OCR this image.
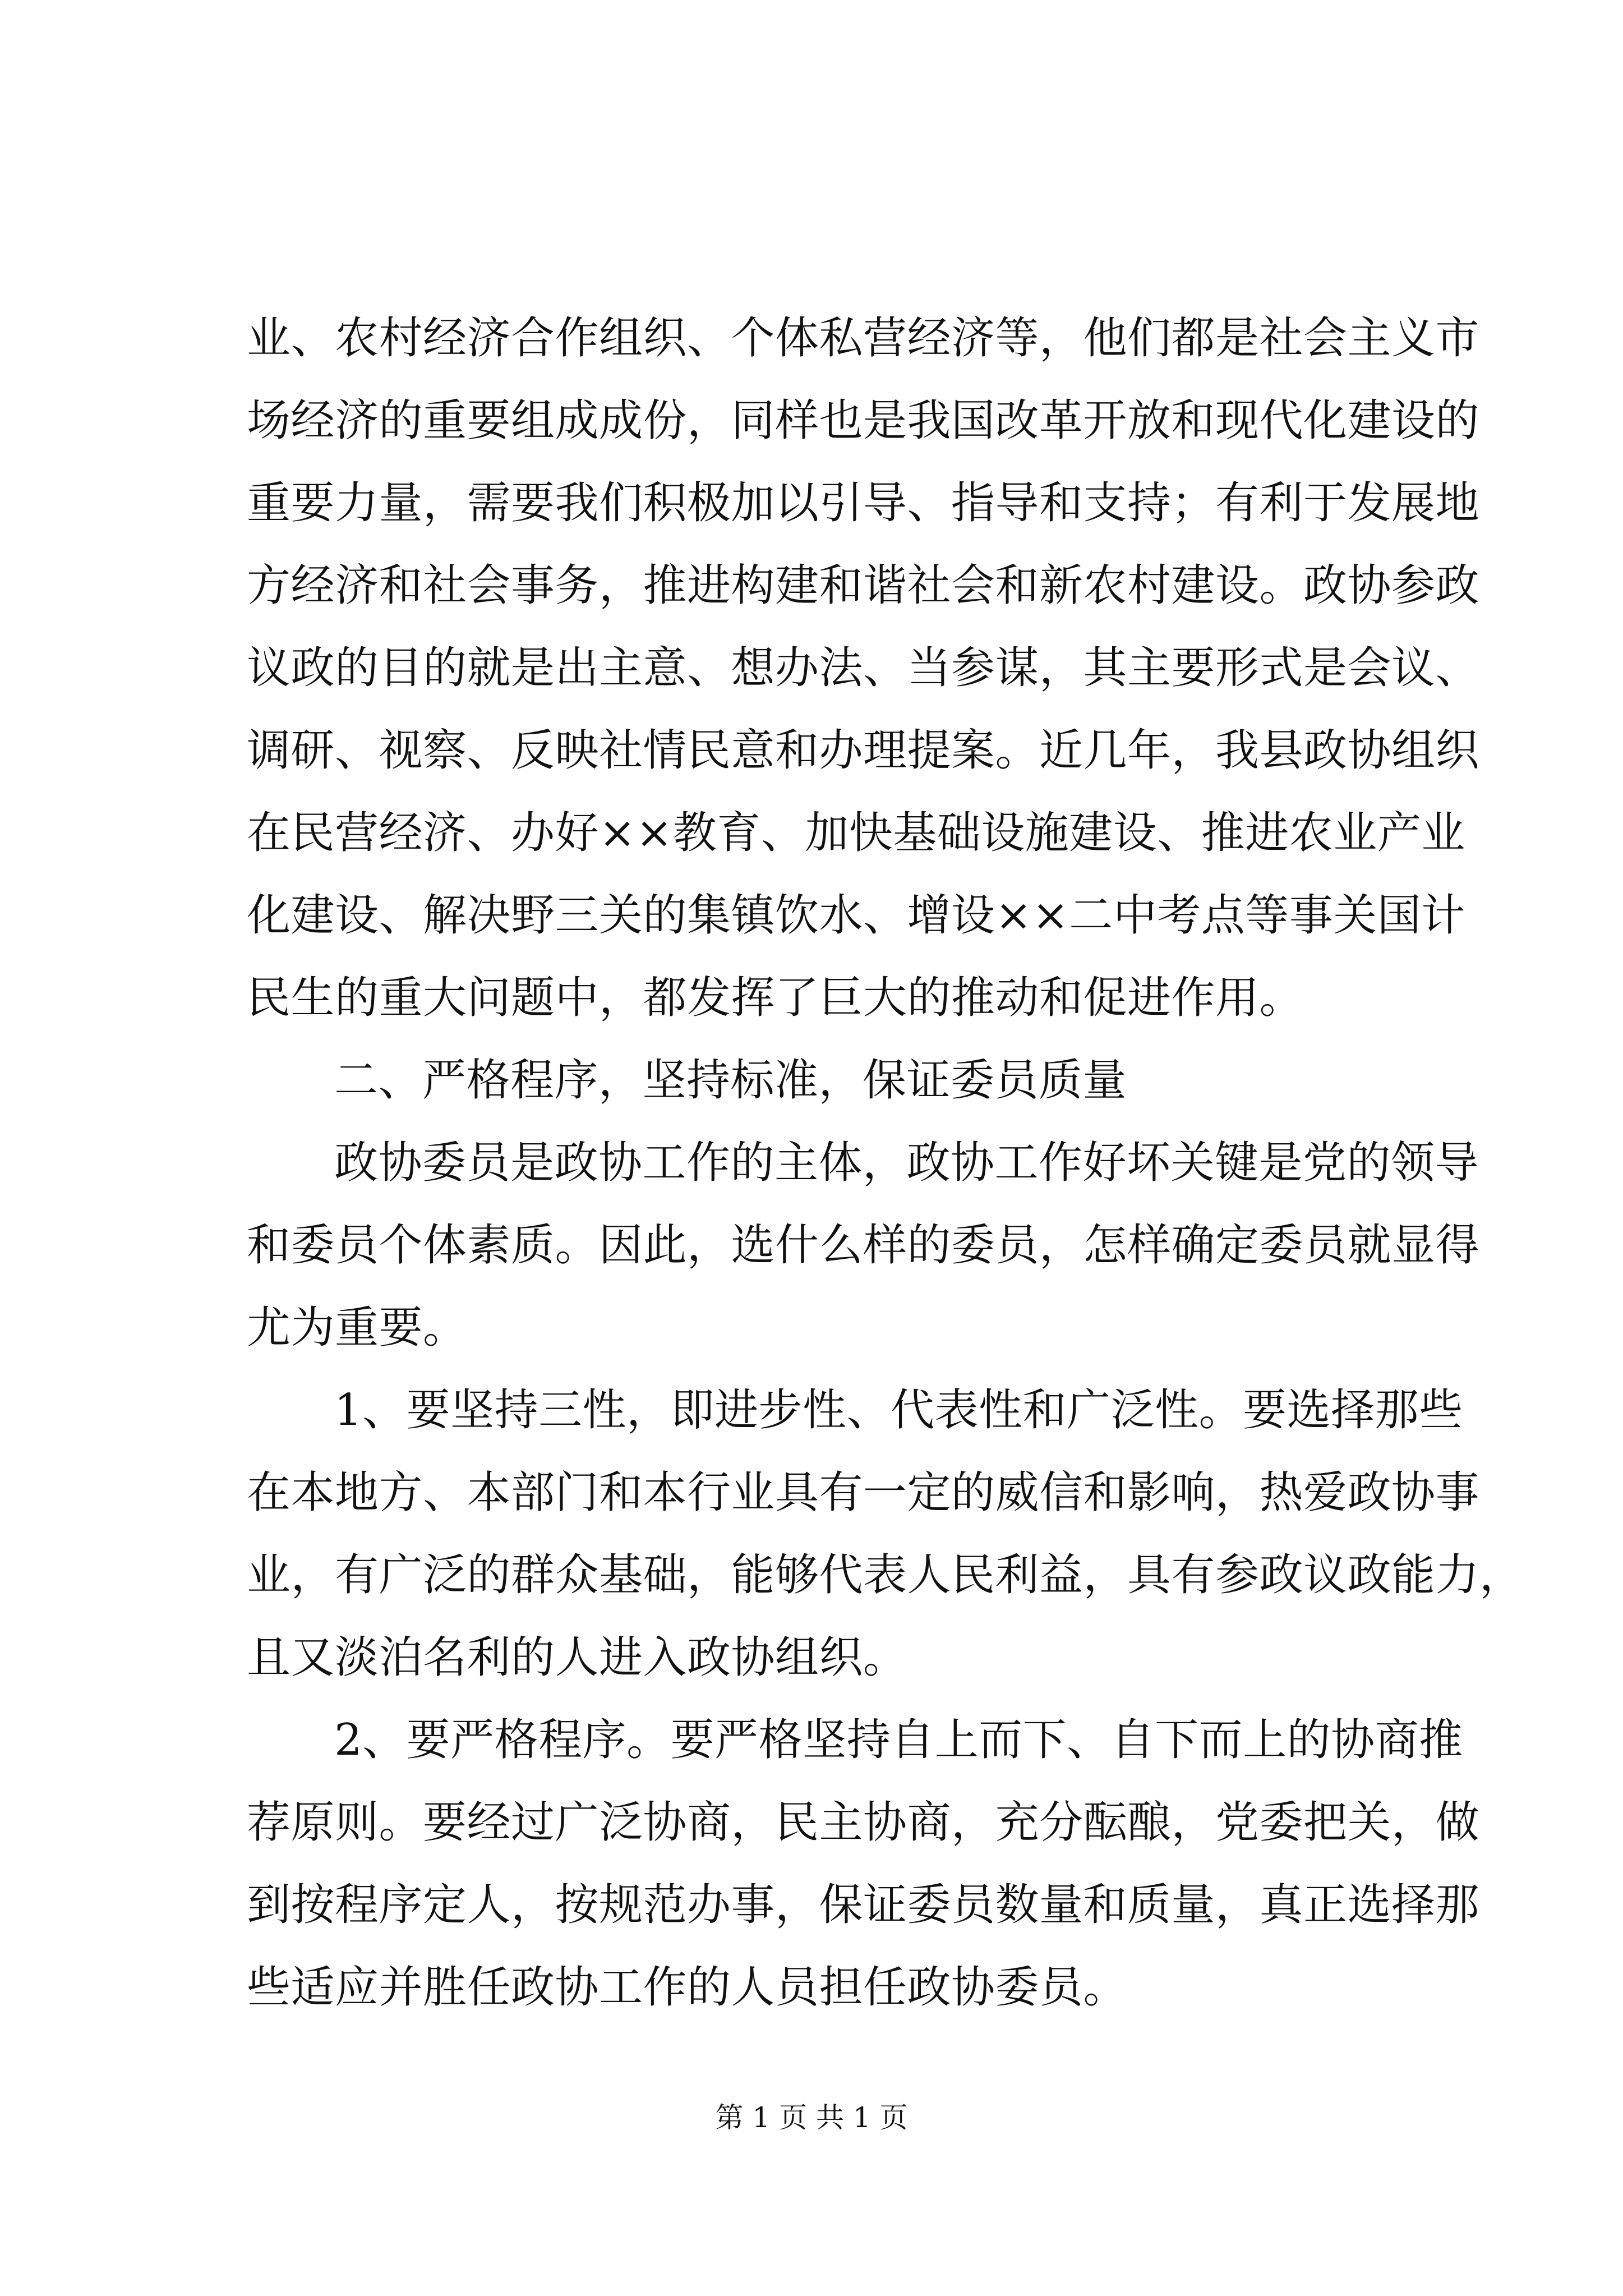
业、农村经济合作组织、个体私营经济等，他们都是社会主义市
场经济的重要组成成份，同样也是我国改革开放和现代化建设的
重要力量，需要我们积极加以引导、指导和支持；有利于发展地
方经济和社会事务，推进构建和谐社会和新农村建设。政协参政
议政的目的就是出主意、想办法、当参谋，其主要形式是会议、
调研、视察、反映社情民意和办理提案。近几年，我县政协组织
在民营经济、办好××教育、加快基础设施建设、推进农业产业
化建设、解决野三关的集镇饮水、增设××二中考点等事关国计
民生的重大问题中，都发挥了巨大的推动和促进作用。
二、严格程序，坚持标准，保证委员质量
政协委员是政协工作的主体，政协工作好坏关键是党的领导
和委员个体素质。因此，选什么样的委员，怎样确定委员就显得
尤为重要。
1、要坚持三性，即进步性、代表性和广泛性。要选择那些
在本地方、本部门和本行业具有一定的威信和影响，热爱政协事
业，有广泛的群众基础，能够代表人民利益，具有参政议政能力，
且又淡泊名利的人进入政协组织。
2、要严格程序。要严格坚持自上而下、自下而上的协商推
荐原则。要经过广泛协商，民主协商，充分酝酿，党委把关，做
到按程序定人，按规范办事，保证委员数量和质量，真正选择那
些适应并胜任政协工作的人员担任政协委员。
第 1 页 共 1 页
